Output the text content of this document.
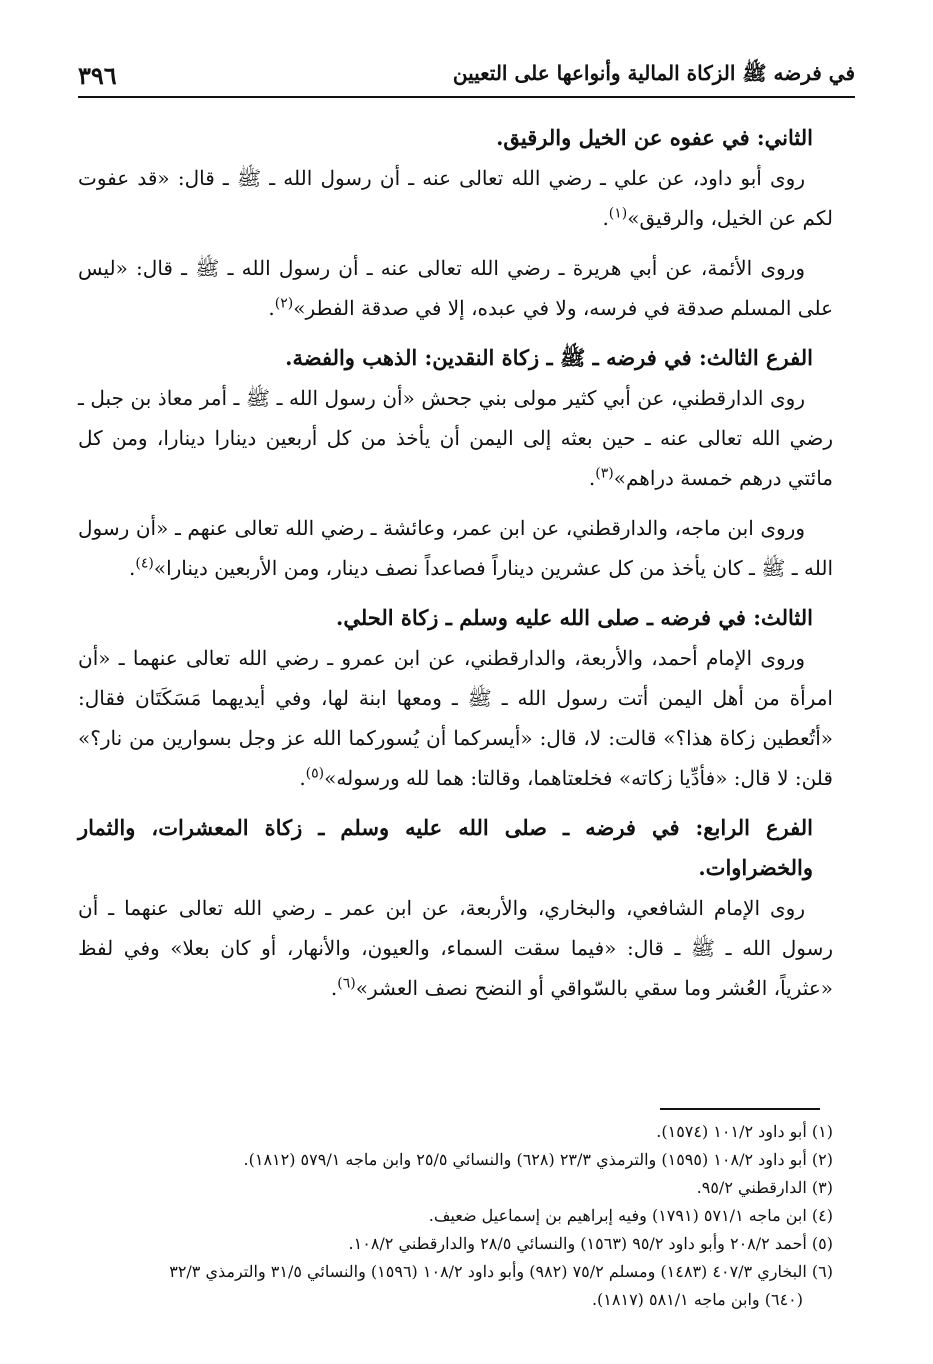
في فرضه ﷺ الزكاة المالية وأنواعها على التعيين
٣٩٦

الثاني: في عفوه عن الخيل والرقيق.

روى أبو داود، عن علي ـ رضي الله تعالى عنه ـ أن رسول الله ـ ﷺ ـ قال: «قد عفوت لكم عن الخيل، والرقيق»$^{(١)}$.

وروى الأئمة، عن أبي هريرة ـ رضي الله تعالى عنه ـ أن رسول الله ـ ﷺ ـ قال: «ليس على المسلم صدقة في فرسه، ولا في عبده، إلا في صدقة الفطر»$^{(٢)}$.

الفرع الثالث: في فرضه ـ ﷺ ـ زكاة النقدين: الذهب والفضة.

روى الدارقطني، عن أبي كثير مولى بني جحش «أن رسول الله ـ ﷺ ـ أمر معاذ بن جبل ـ رضي الله تعالى عنه ـ حين بعثه إلى اليمن أن يأخذ من كل أربعين دينارا دينارا، ومن كل مائتي درهم خمسة دراهم»$^{(٣)}$.

وروى ابن ماجه، والدارقطني، عن ابن عمر، وعائشة ـ رضي الله تعالى عنهم ـ «أن رسول الله ـ ﷺ ـ كان يأخذ من كل عشرين ديناراً فصاعداً نصف دينار، ومن الأربعين دينارا»$^{(٤)}$.

الثالث: في فرضه ـ صلى الله عليه وسلم ـ زكاة الحلي.

وروى الإمام أحمد، والأربعة، والدارقطني، عن ابن عمرو ـ رضي الله تعالى عنهما ـ «أن امرأة من أهل اليمن أتت رسول الله ـ ﷺ ـ ومعها ابنة لها، وفي أيديهما مَسَكَتَان فقال: «أتُعطين زكاة هذا؟» قالت: لا، قال: «أيسركما أن يُسوركما الله عز وجل بسوارين من نار؟» قلن: لا قال: «فأدِّيا زكاته» فخلعتاهما، وقالتا: هما لله ورسوله»$^{(٥)}$.

الفرع الرابع: في فرضه ـ صلى الله عليه وسلم ـ زكاة المعشرات، والثمار والخضراوات.

روى الإمام الشافعي، والبخاري، والأربعة، عن ابن عمر ـ رضي الله تعالى عنهما ـ أن رسول الله ـ ﷺ ـ قال: «فيما سقت السماء، والعيون، والأنهار، أو كان بعلا» وفي لفظ «عثرياً، العُشر وما سقي بالسّواقي أو النضح نصف العشر»$^{(٦)}$.

(١) أبو داود ١٠١/٢ (١٥٧٤).

(٢) أبو داود ١٠٨/٢ (١٥٩٥) والترمذي ٢٣/٣ (٦٢٨) والنسائي ٢٥/٥ وابن ماجه ٥٧٩/١ (١٨١٢).

(٣) الدارقطني ٩٥/٢.

(٤) ابن ماجه ٥٧١/١ (١٧٩١) وفيه إبراهيم بن إسماعيل ضعيف.

(٥) أحمد ٢٠٨/٢ وأبو داود ٩٥/٢ (١٥٦٣) والنسائي ٢٨/٥ والدارقطني ١٠٨/٢.

(٦) البخاري ٤٠٧/٣ (١٤٨٣) ومسلم ٧٥/٢ (٩٨٢) وأبو داود ١٠٨/٢ (١٥٩٦) والنسائي ٣١/٥ والترمذي ٣٢/٣
(٦٤٠) وابن ماجه ٥٨١/١ (١٨١٧).
